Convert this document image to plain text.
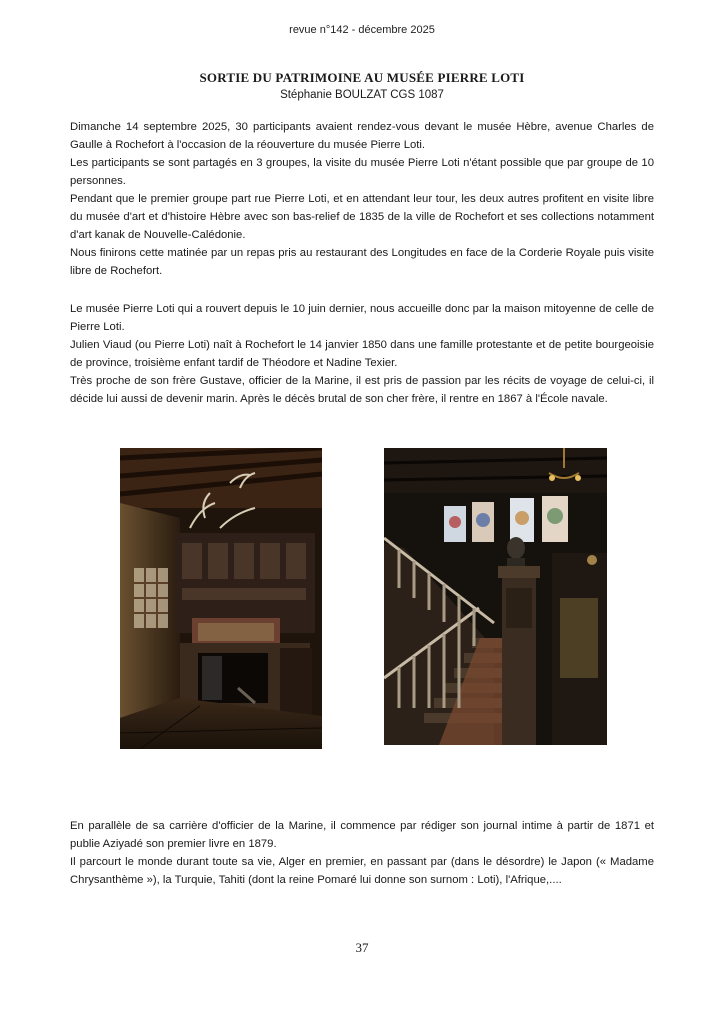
revue n°142 - décembre 2025
SORTIE DU PATRIMOINE AU MUSÉE PIERRE LOTI
Stéphanie BOULZAT CGS 1087

Dimanche 14 septembre 2025, 30 participants avaient rendez-vous devant le musée Hèbre, avenue Charles de Gaulle à Rochefort à l'occasion de la réouverture du musée Pierre Loti.

Les participants se sont partagés en 3 groupes, la visite du musée Pierre Loti n'étant possible que par groupe de 10 personnes.

Pendant que le premier groupe part rue Pierre Loti, et en attendant leur tour, les deux autres profitent en visite libre du musée d'art et d'histoire Hèbre avec son bas-relief de 1835 de la ville de Rochefort et ses collections notamment d'art kanak de Nouvelle-Calédonie.

Nous finirons cette matinée par un repas pris au restaurant des Longitudes en face de la Corderie Royale puis visite libre de Rochefort.

Le musée Pierre Loti qui a rouvert depuis le 10 juin dernier, nous accueille donc par la maison mitoyenne de celle de Pierre Loti.

Julien Viaud (ou Pierre Loti) naît à Rochefort le 14 janvier 1850 dans une famille protestante et de petite bourgeoisie de province, troisième enfant tardif de Théodore et Nadine Texier.

Très proche de son frère Gustave, officier de la Marine, il est pris de passion par les récits de voyage de celui-ci, il décide lui aussi de devenir marin. Après le décès brutal de son cher frère, il rentre en 1867 à l'École navale.

En parallèle de sa carrière d'officier de la Marine, il commence par rédiger son journal intime à partir de 1871 et publie Aziyadé son premier livre en 1879.

Il parcourt le monde durant toute sa vie, Alger en premier, en passant par (dans le désordre) le Japon (« Madame Chrysanthème »), la Turquie, Tahiti (dont la reine Pomaré lui donne son surnom : Loti), l'Afrique,....

37
